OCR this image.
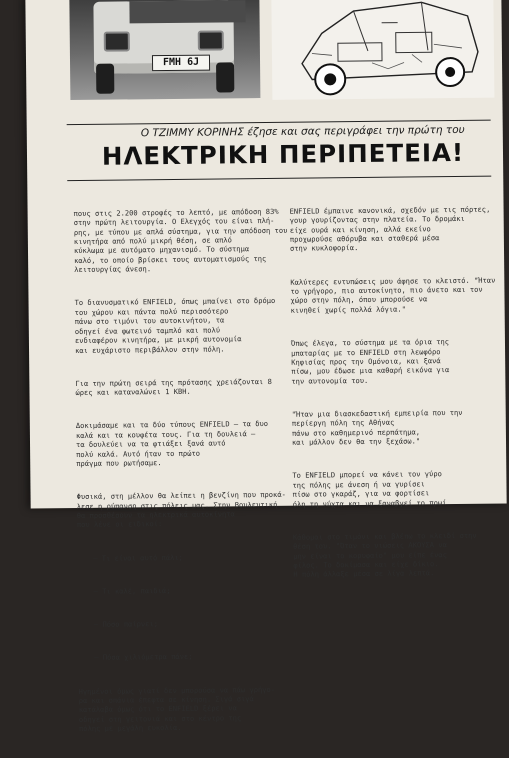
FMH 6J
Ο ΤΖΙΜΜΥ ΚΟΡΙΝΗΣ έζησε και σας περιγράφει την πρώτη του
ΗΛΕΚΤΡΙΚΗ ΠΕΡΙΠΕΤΕΙΑ!

πους στις 2.200 στροφές το λεπτό, με απόδοση 83%
στην πρώτη λειτουργία. Ο Ελεγχός του είναι πλή-
ρης, με τύπου με απλά σύστημα, για την απόδοση του
κινητήρα από πολύ μικρή θέση, σε απλό
κύκλωμα με αυτόματο μηχανισμό. Το σύστημα
καλό, το οποίο βρίσκει τους αυτοματισμούς της
λειτουργίας άνεση.

Το διανυσματικό ENFIELD, όπως μπαίνει στο δρόμο
του χώρου και πάντα πολύ περισσότερο
πάνω στο τιμόνι του αυτοκινήτου, τα
οδηγεί ένα φωτεινό ταμπλό και πολύ
ενδιαφέρον κινητήρα, με μικρή αυτονομία
και ευχάριστο περιβάλλον στην πόλη.

Για την πρώτη σειρά της πρότασης χρειάζονται 8
ώρες και καταναλώνει 1 ΚΒΗ.

Δοκιμάσαμε και τα δύο τύπους ENFIELD — τα δυο
καλά και τα κουφέτα τους. Για τη δουλειά —
τα δουλεύει να τα φτιάξει ξανά αυτό
πολύ καλά. Αυτό ήταν το πρώτο
πράγμα που ρωτήσαμε.

Φυσικά, στη μέλλον θα λείπει η βενζίνη που προκά-
λεσε η ρύπανση στις πόλεις μας. Στην Βουλευτική
θα προσθέσουν τα ηλεκτρικά αυτοκίνητα
που λένε οι ειδικοί:

— Τι είναι αυτό πάλι;

— Τι καλέ, παιδιά;

— Πόσο παίρνει;

— Πόσα χιλιόμετρα πάνε;

Ηγημένοι όμως γιατί δεν μπορούσα να πάω γρήγο-
ρα και σπάνια έπεφτα σε κίνηση. Σιγά σιγά
κατάλαβα όμως ότι το ENFIELD ξέρει να
οδηγεί στη γειτονιά και στο κέντρο της
πόλης με μεγάλη ευκολία.

ENFIELD έμπαινε κανονικά, σχεδόν με τις πόρτες,
γουρ γουρίζοντας στην πλατεία. Το δρομάκι
είχε ουρά και κίνηση, αλλά εκείνο
προχωρούσε αθόρυβα και σταθερά μέσα
στην κυκλοφορία.

Καλύτερες εντυπώσεις μου άφησε το κλειστό. "Ήταν
το γρήγορο, πιο αυτοκίνητο, πιο άνετο και τον
χώρο στην πόλη, όπου μπορούσε να
κινηθεί χωρίς πολλά λόγια."

Όπως έλεγα, το σύστημα με τα όρια της
μπαταρίας με το ENFIELD στη λεωφόρο
Κηφισίας προς την Ομόνοια, και ξανά
πίσω, μου έδωσε μια καθαρή εικόνα για
την αυτονομία του.

"Ήταν μια διασκεδαστική εμπειρία που την
περίεργη πόλη της Αθήνας
πάνω στο καθημερινό περπάτημα,
και μάλλον δεν θα την ξεχάσω."

Το ENFIELD μπορεί να κάνει τον γύρο
της πόλης με άνεση ή να γυρίσει
πίσω στο γκαράζ, για να φορτίσει
όλη τη νύχτα και να ξαναβγεί το πρωί.

Κάθομαι στο τιμόνι και βλέπω το κλειδί στην
θέση του. "Όταν το νιώσεις ΑΚΟΥΣΑ να
μην είναι το κορυφαίο" μου είπε ένας
φίλος. Το δοκίμασα και είχε δίκιο.
Η πόλη άλλαξε μέσα σε λίγα λεπτά.
